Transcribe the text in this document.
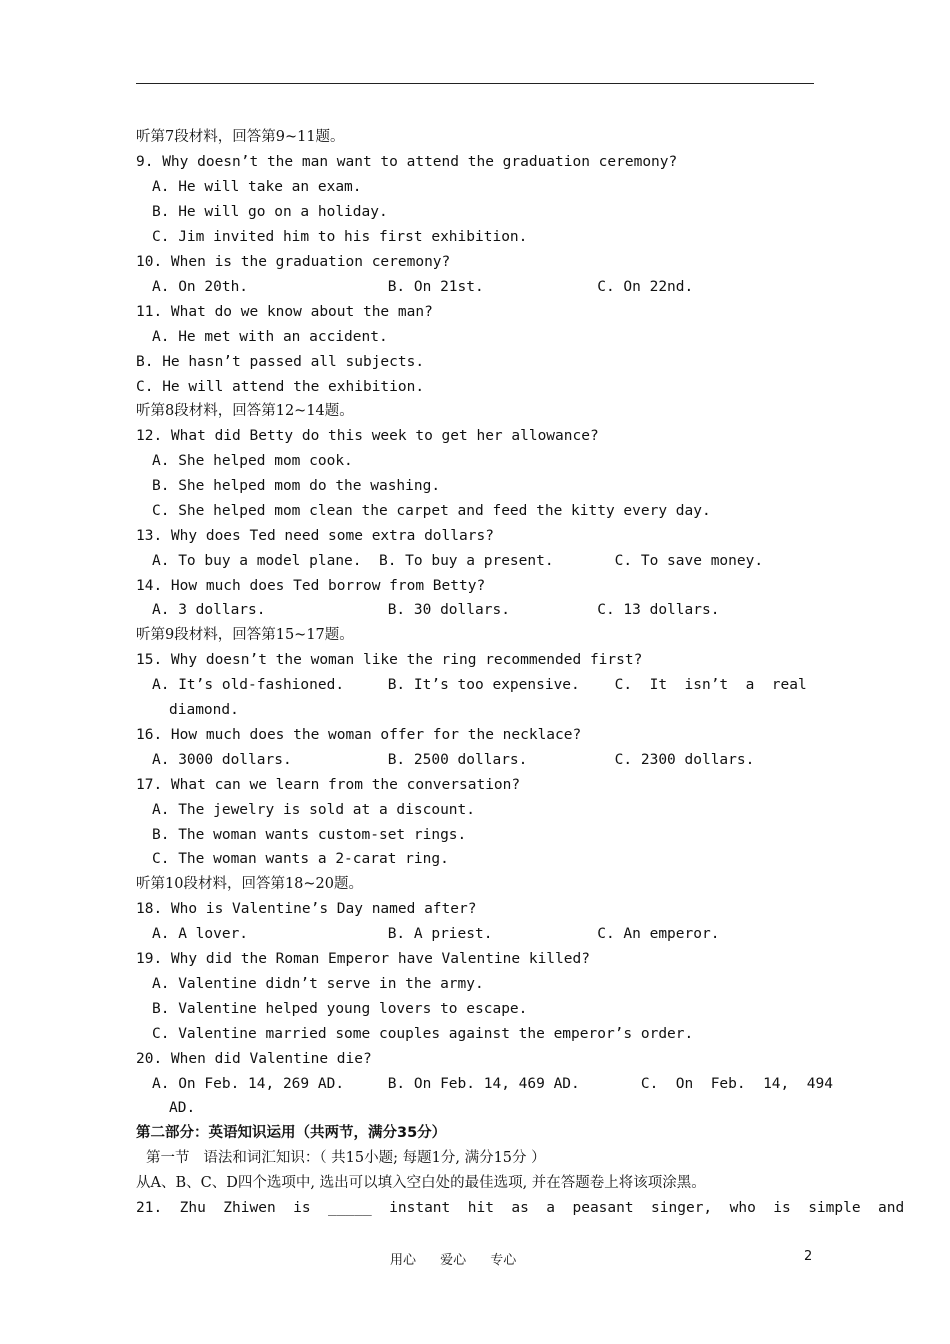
听第7段材料，回答第9~11题。
9. Why doesn’t the man want to attend the graduation ceremony?
A. He will take an exam.
B. He will go on a holiday.
C. Jim invited him to his first exhibition.
10. When is the graduation ceremony?
A. On 20th.                B. On 21st.             C. On 22nd.
11. What do we know about the man?
A. He met with an accident.
B. He hasn’t passed all subjects.
C. He will attend the exhibition.
听第8段材料，回答第12~14题。
12. What did Betty do this week to get her allowance?
A. She helped mom cook.
B. She helped mom do the washing.
C. She helped mom clean the carpet and feed the kitty every day.
13. Why does Ted need some extra dollars?
A. To buy a model plane.  B. To buy a present.       C. To save money.
14. How much does Ted borrow from Betty?
A. 3 dollars.              B. 30 dollars.          C. 13 dollars.
听第9段材料，回答第15~17题。
15. Why doesn’t the woman like the ring recommended first?
A. It’s old-fashioned.     B. It’s too expensive.    C.  It  isn’t  a  real
diamond.
16. How much does the woman offer for the necklace?
A. 3000 dollars.           B. 2500 dollars.          C. 2300 dollars.
17. What can we learn from the conversation?
A. The jewelry is sold at a discount.
B. The woman wants custom-set rings.
C. The woman wants a 2-carat ring.
听第10段材料，回答第18~20题。
18. Who is Valentine’s Day named after?
A. A lover.                B. A priest.            C. An emperor.
19. Why did the Roman Emperor have Valentine killed?
A. Valentine didn’t serve in the army.
B. Valentine helped young lovers to escape.
C. Valentine married some couples against the emperor’s order.
20. When did Valentine die?
A. On Feb. 14, 269 AD.     B. On Feb. 14, 469 AD.       C.  On  Feb.  14,  494
AD.
第二部分：英语知识运用（共两节，满分35分）
第一节   语法和词汇知识：（ 共15小题; 每题1分, 满分15分 ）
从A、B、C、D四个选项中, 选出可以填入空白处的最佳选项, 并在答题卷上将该项涂黑。
21.  Zhu  Zhiwen  is  _____  instant  hit  as  a  peasant  singer,  who  is  simple  and
用心 爱心 专心	2
